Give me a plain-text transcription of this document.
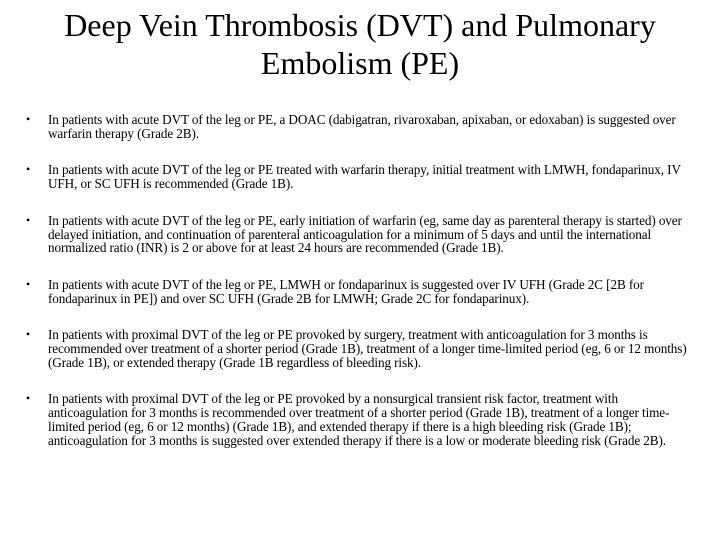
Deep Vein Thrombosis (DVT) and Pulmonary
Embolism (PE)
• In patients with acute DVT of the leg or PE, a DOAC (dabigatran, rivaroxaban, apixaban, or edoxaban) is suggested over warfarin therapy (Grade 2B).
• In patients with acute DVT of the leg or PE treated with warfarin therapy, initial treatment with LMWH, fondaparinux, IV UFH, or SC UFH is recommended (Grade 1B).
• In patients with acute DVT of the leg or PE, early initiation of warfarin (eg, same day as parenteral therapy is started) over delayed initiation, and continuation of parenteral anticoagulation for a minimum of 5 days and until the international normalized ratio (INR) is 2 or above for at least 24 hours are recommended (Grade 1B).
• In patients with acute DVT of the leg or PE, LMWH or fondaparinux is suggested over IV UFH (Grade 2C [2B for fondaparinux in PE]) and over SC UFH (Grade 2B for LMWH; Grade 2C for fondaparinux).
• In patients with proximal DVT of the leg or PE provoked by surgery, treatment with anticoagulation for 3 months is recommended over treatment of a shorter period (Grade 1B), treatment of a longer time-limited period (eg, 6 or 12 months) (Grade 1B), or extended therapy (Grade 1B regardless of bleeding risk).
• In patients with proximal DVT of the leg or PE provoked by a nonsurgical transient risk factor, treatment with anticoagulation for 3 months is recommended over treatment of a shorter period (Grade 1B), treatment of a longer time-limited period (eg, 6 or 12 months) (Grade 1B), and extended therapy if there is a high bleeding risk (Grade 1B); anticoagulation for 3 months is suggested over extended therapy if there is a low or moderate bleeding risk (Grade 2B).
